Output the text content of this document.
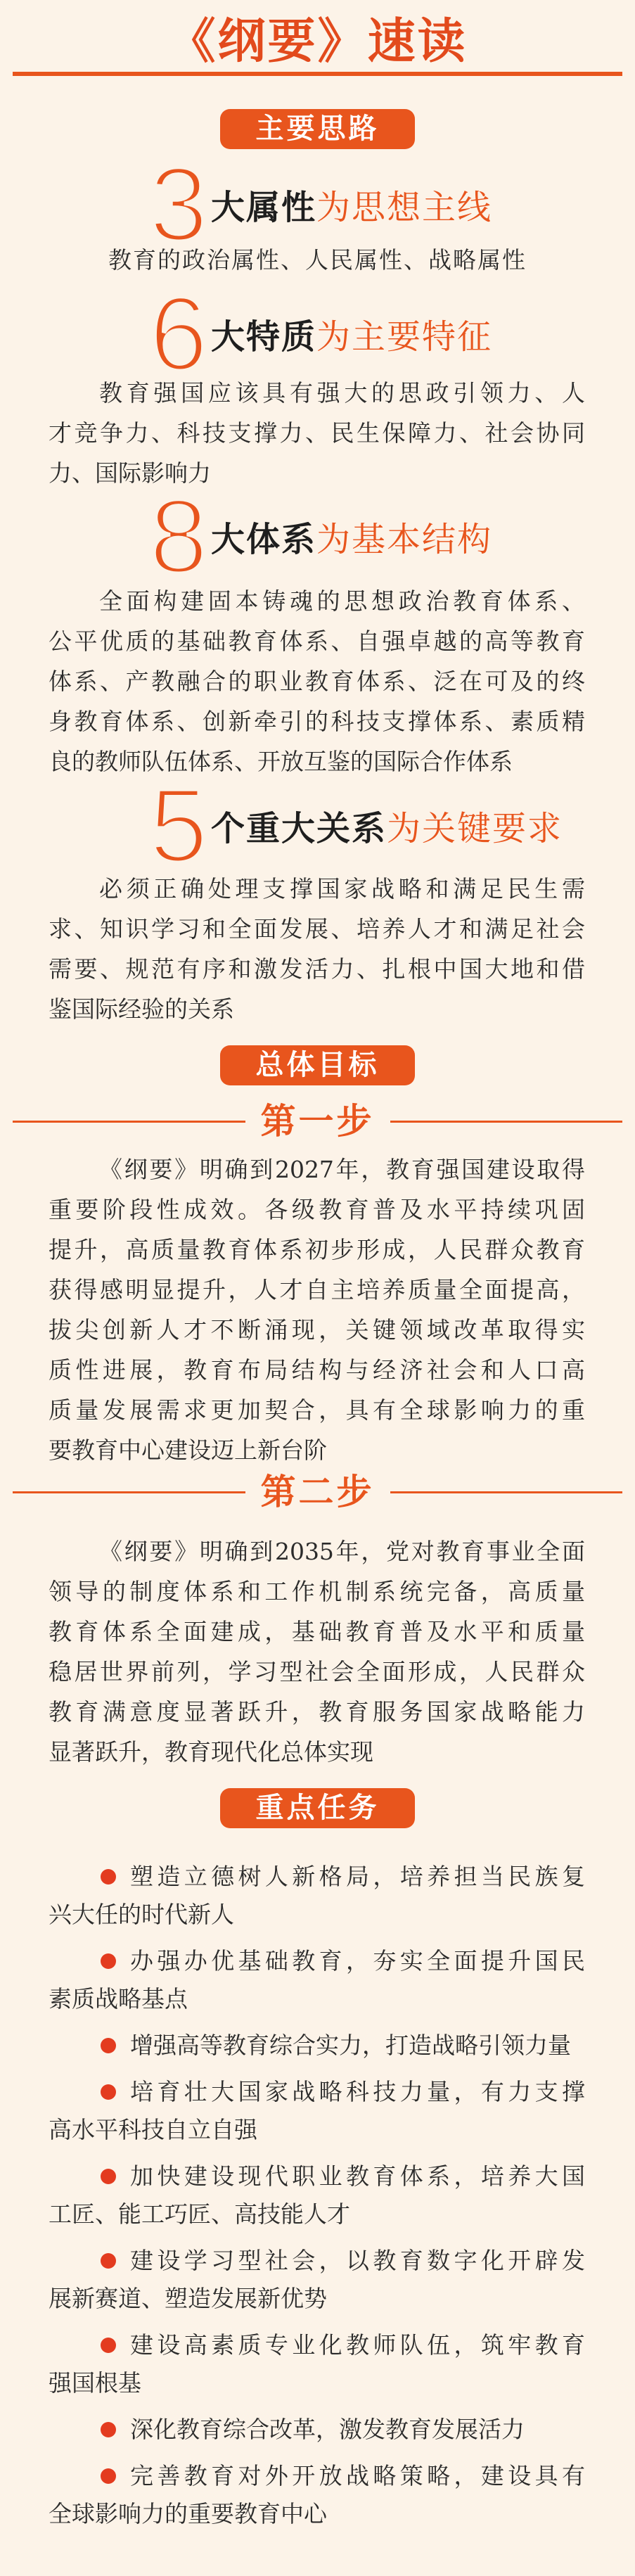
《纲要》速读
主要思路
3 大属性为思想主线
教育的政治属性、人民属性、战略属性
6 大特质为主要特征
教育强国应该具有强大的思政引领力、人
才竞争力、科技支撑力、民生保障力、社会协同
力、国际影响力
8 大体系为基本结构
全面构建固本铸魂的思想政治教育体系、
公平优质的基础教育体系、自强卓越的高等教育
体系、产教融合的职业教育体系、泛在可及的终
身教育体系、创新牵引的科技支撑体系、素质精
良的教师队伍体系、开放互鉴的国际合作体系
5 个重大关系为关键要求
必须正确处理支撑国家战略和满足民生需
求、知识学习和全面发展、培养人才和满足社会
需要、规范有序和激发活力、扎根中国大地和借
鉴国际经验的关系
总体目标
第一步
《纲要》明确到2027年，教育强国建设取得
重要阶段性成效。各级教育普及水平持续巩固
提升，高质量教育体系初步形成，人民群众教育
获得感明显提升，人才自主培养质量全面提高，
拔尖创新人才不断涌现，关键领域改革取得实
质性进展，教育布局结构与经济社会和人口高
质量发展需求更加契合，具有全球影响力的重
要教育中心建设迈上新台阶
第二步
《纲要》明确到2035年，党对教育事业全面
领导的制度体系和工作机制系统完备，高质量
教育体系全面建成，基础教育普及水平和质量
稳居世界前列，学习型社会全面形成，人民群众
教育满意度显著跃升，教育服务国家战略能力
显著跃升，教育现代化总体实现
重点任务
塑造立德树人新格局，培养担当民族复
兴大任的时代新人
办强办优基础教育，夯实全面提升国民
素质战略基点
增强高等教育综合实力，打造战略引领力量
培育壮大国家战略科技力量，有力支撑
高水平科技自立自强
加快建设现代职业教育体系，培养大国
工匠、能工巧匠、高技能人才
建设学习型社会，以教育数字化开辟发
展新赛道、塑造发展新优势
建设高素质专业化教师队伍，筑牢教育
强国根基
深化教育综合改革，激发教育发展活力
完善教育对外开放战略策略，建设具有
全球影响力的重要教育中心
